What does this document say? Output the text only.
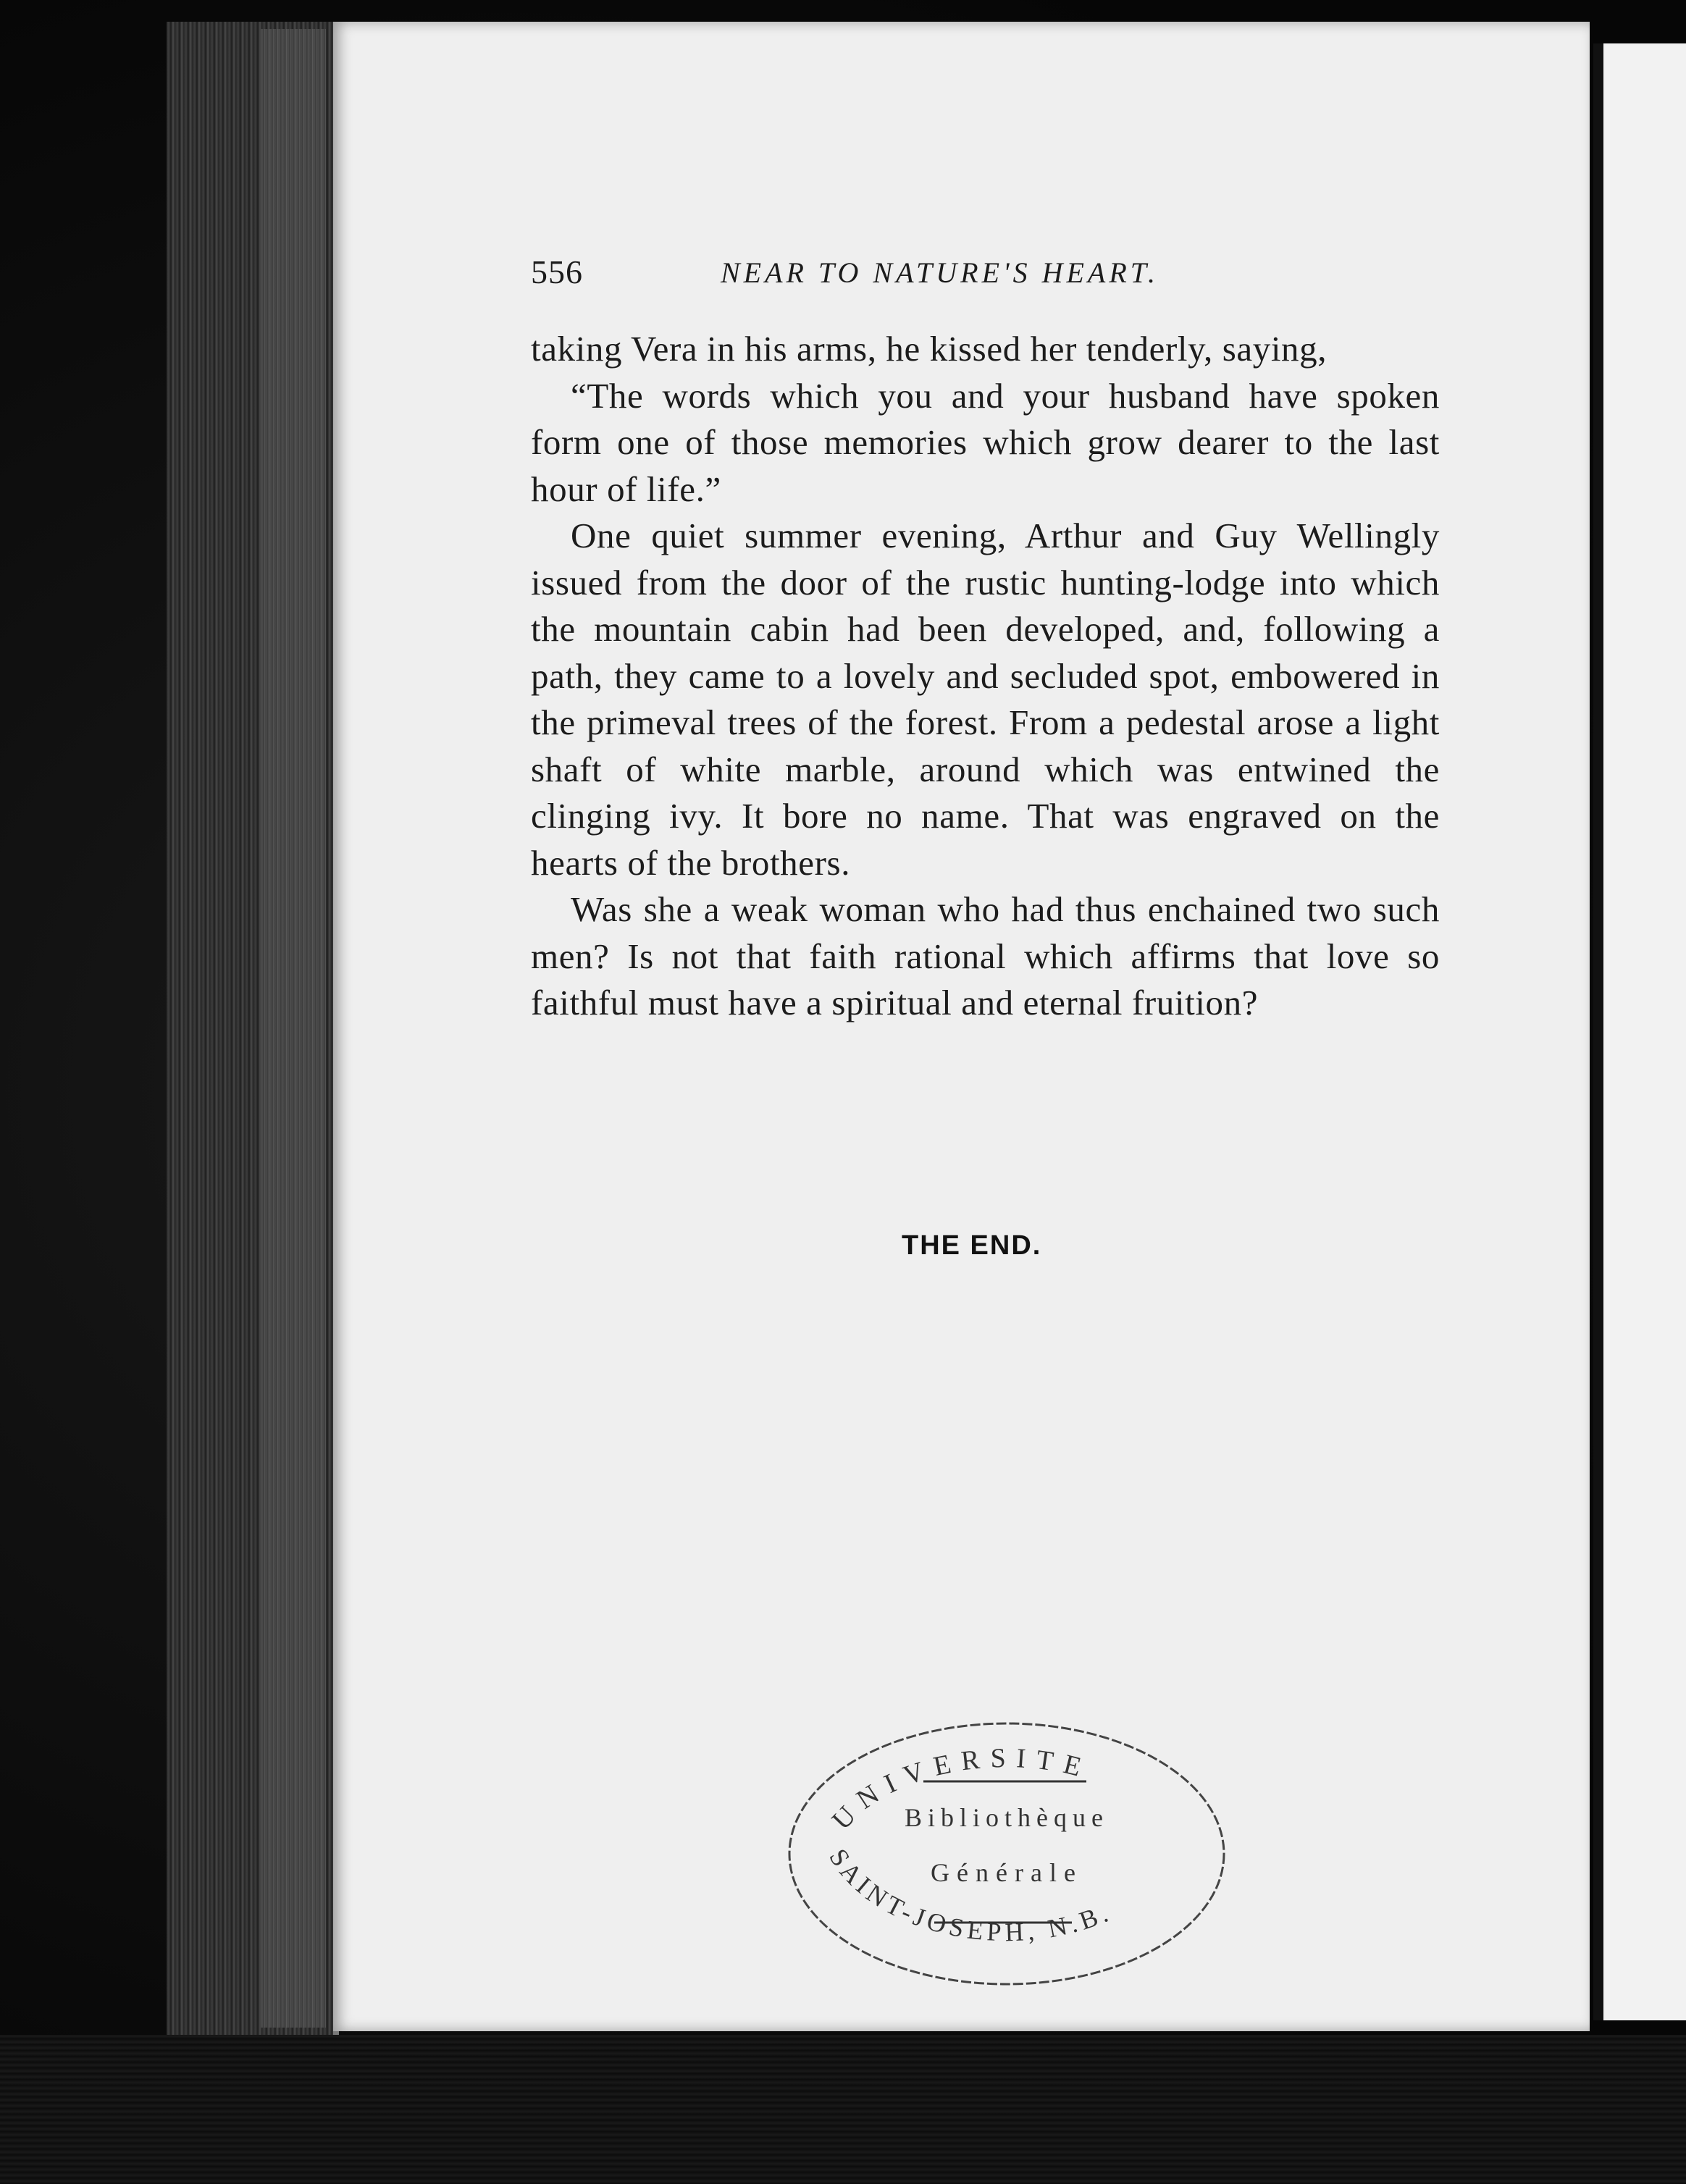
556	NEAR TO NATURE'S HEART.

taking Vera in his arms, he kissed her tenderly, saying,

“The words which you and your husband have spoken form one of those memories which grow dearer to the last hour of life.”

One quiet summer evening, Arthur and Guy Wellingly issued from the door of the rustic hunting-lodge into which the mountain cabin had been developed, and, following a path, they came to a lovely and secluded spot, embowered in the primeval trees of the forest. From a pedestal arose a light shaft of white marble, around which was entwined the clinging ivy. It bore no name. That was engraved on the hearts of the brothers.

Was she a weak woman who had thus enchained two such men? Is not that faith rational which affirms that love so faithful must have a spiritual and eternal fruition?

THE END.
UNIVERSITE
Bibliothèque
Générale
SAINT-JOSEPH, N.B.
